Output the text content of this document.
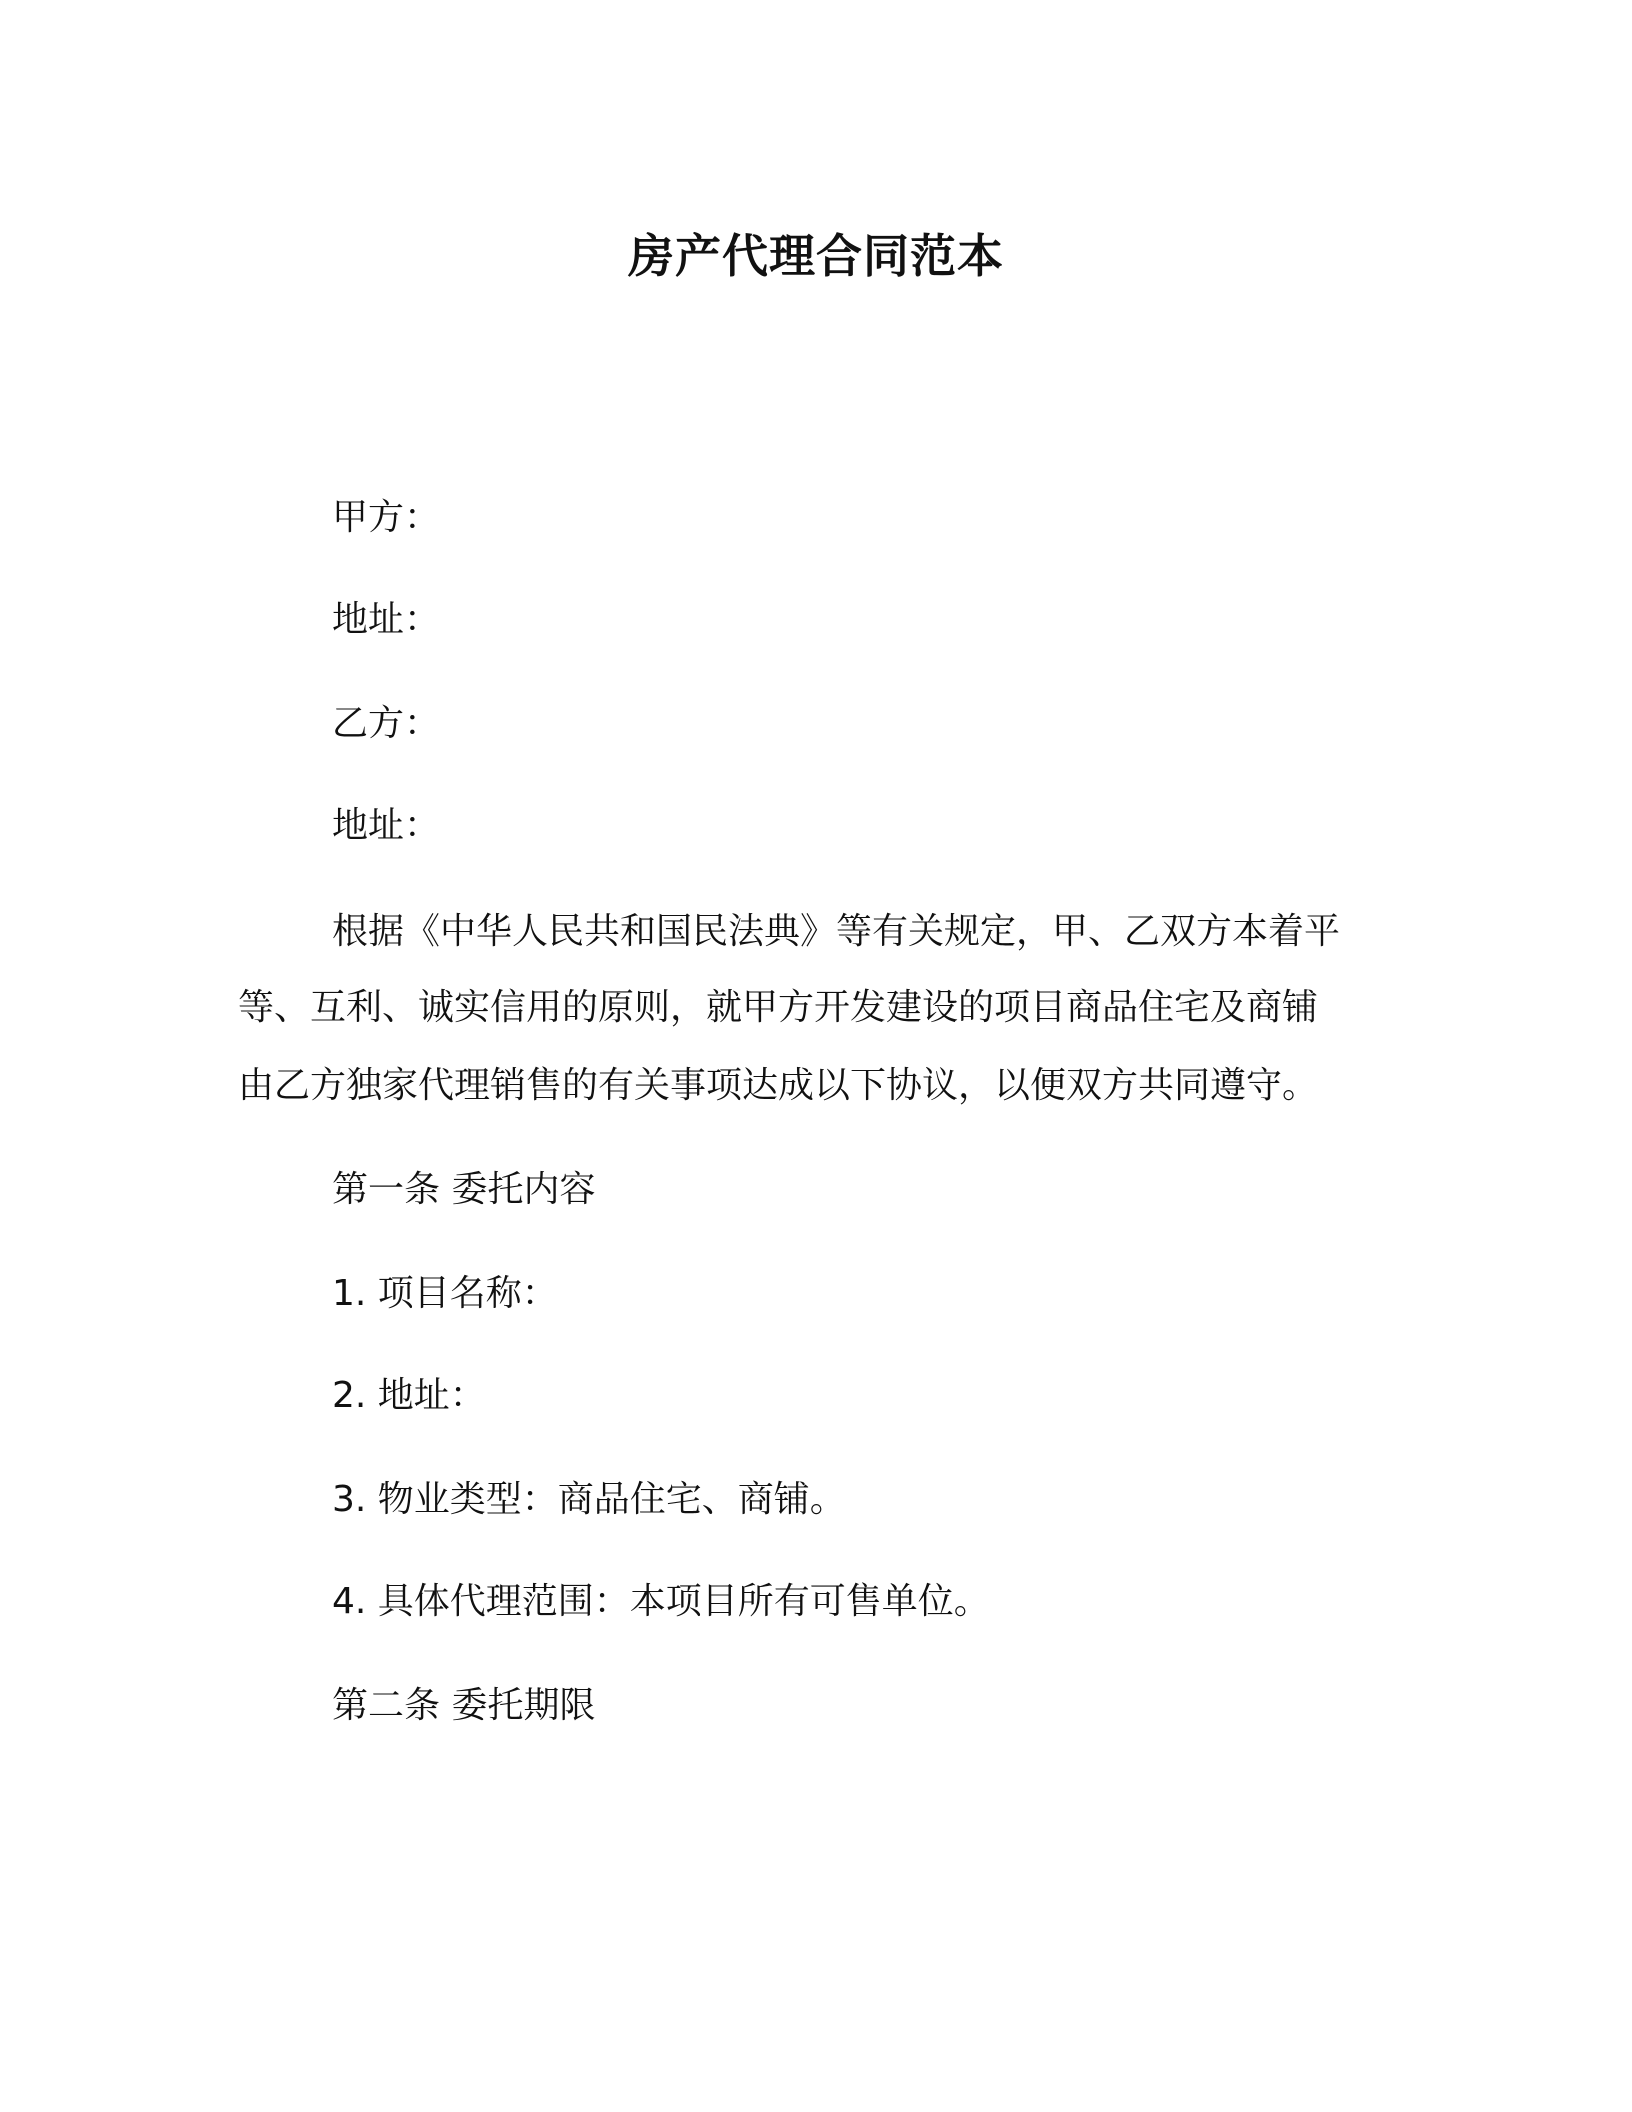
房产代理合同范本
甲方：
地址：
乙方：
地址：
根据《中华人民共和国民法典》等有关规定，甲、乙双方本着平
等、互利、诚实信用的原则，就甲方开发建设的项目商品住宅及商铺
由乙方独家代理销售的有关事项达成以下协议，以便双方共同遵守。
第一条 委托内容
1. 项目名称：
2. 地址：
3. 物业类型：商品住宅、商铺。
4. 具体代理范围：本项目所有可售单位。
第二条 委托期限
